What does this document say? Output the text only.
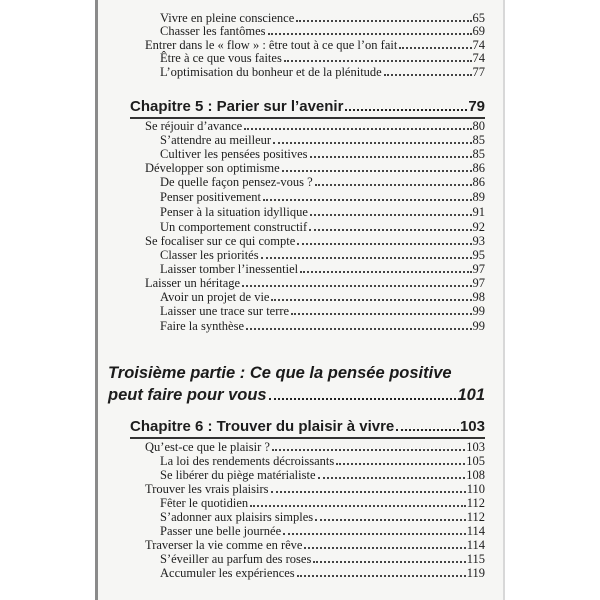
Vivre en pleine conscience	65
Chasser les fantômes	69
Entrer dans le « flow » : être tout à ce que l’on fait	74
Être à ce que vous faites	74
L’optimisation du bonheur et de la plénitude	77
Chapitre 5 : Parier sur l’avenir	79
Se réjouir d’avance	80
S’attendre au meilleur	85
Cultiver les pensées positives	85
Développer son optimisme	86
De quelle façon pensez-vous ?	86
Penser positivement	89
Penser à la situation idyllique	91
Un comportement constructif	92
Se focaliser sur ce qui compte	93
Classer les priorités	95
Laisser tomber l’inessentiel	97
Laisser un héritage	97
Avoir un projet de vie	98
Laisser une trace sur terre	99
Faire la synthèse	99
Troisième partie : Ce que la pensée positive
peut faire pour vous	101
Chapitre 6 : Trouver du plaisir à vivre	103
Qu’est-ce que le plaisir ?	103
La loi des rendements décroissants	105
Se libérer du piège matérialiste	108
Trouver les vrais plaisirs	110
Fêter le quotidien	112
S’adonner aux plaisirs simples	112
Passer une belle journée	114
Traverser la vie comme en rêve	114
S’éveiller au parfum des roses	115
Accumuler les expériences	119
